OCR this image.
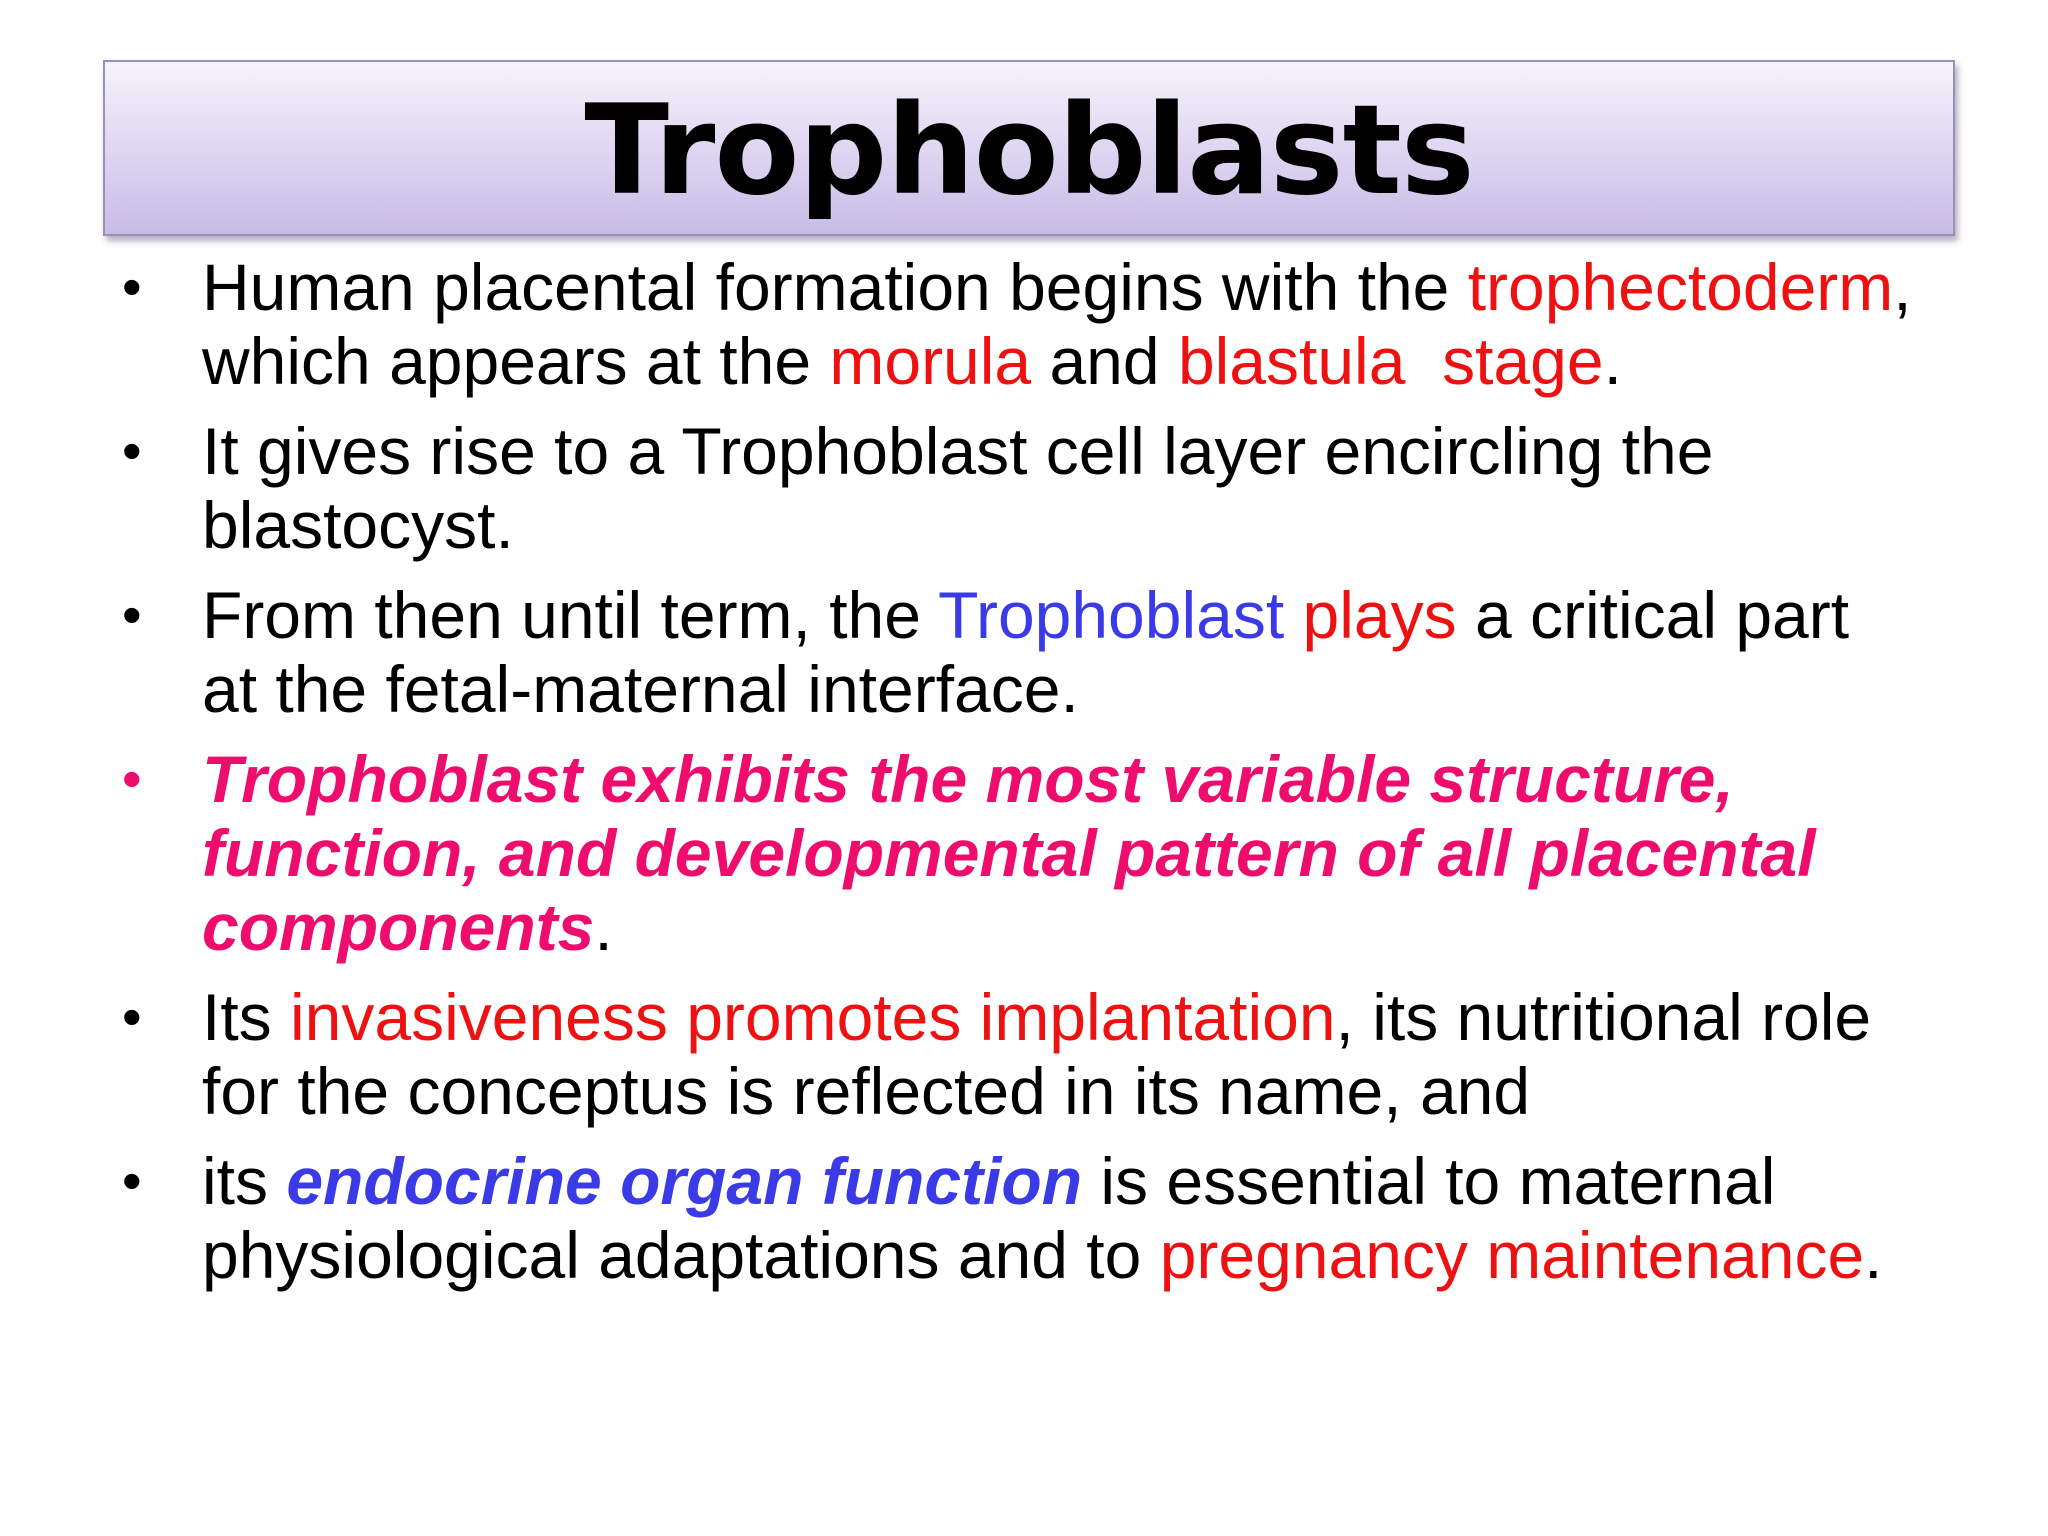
Trophoblasts
• Human placental formation begins with the trophectoderm, which appears at the morula and blastula  stage.
• It gives rise to a Trophoblast cell layer encircling the blastocyst.
• From then until term, the Trophoblast plays a critical part at the fetal-maternal interface.
• Trophoblast exhibits the most variable structure, function, and developmental pattern of all placental components.
• Its invasiveness promotes implantation, its nutritional role for the conceptus is reflected in its name, and
• its endocrine organ function is essential to maternal physiological adaptations and to pregnancy maintenance.
